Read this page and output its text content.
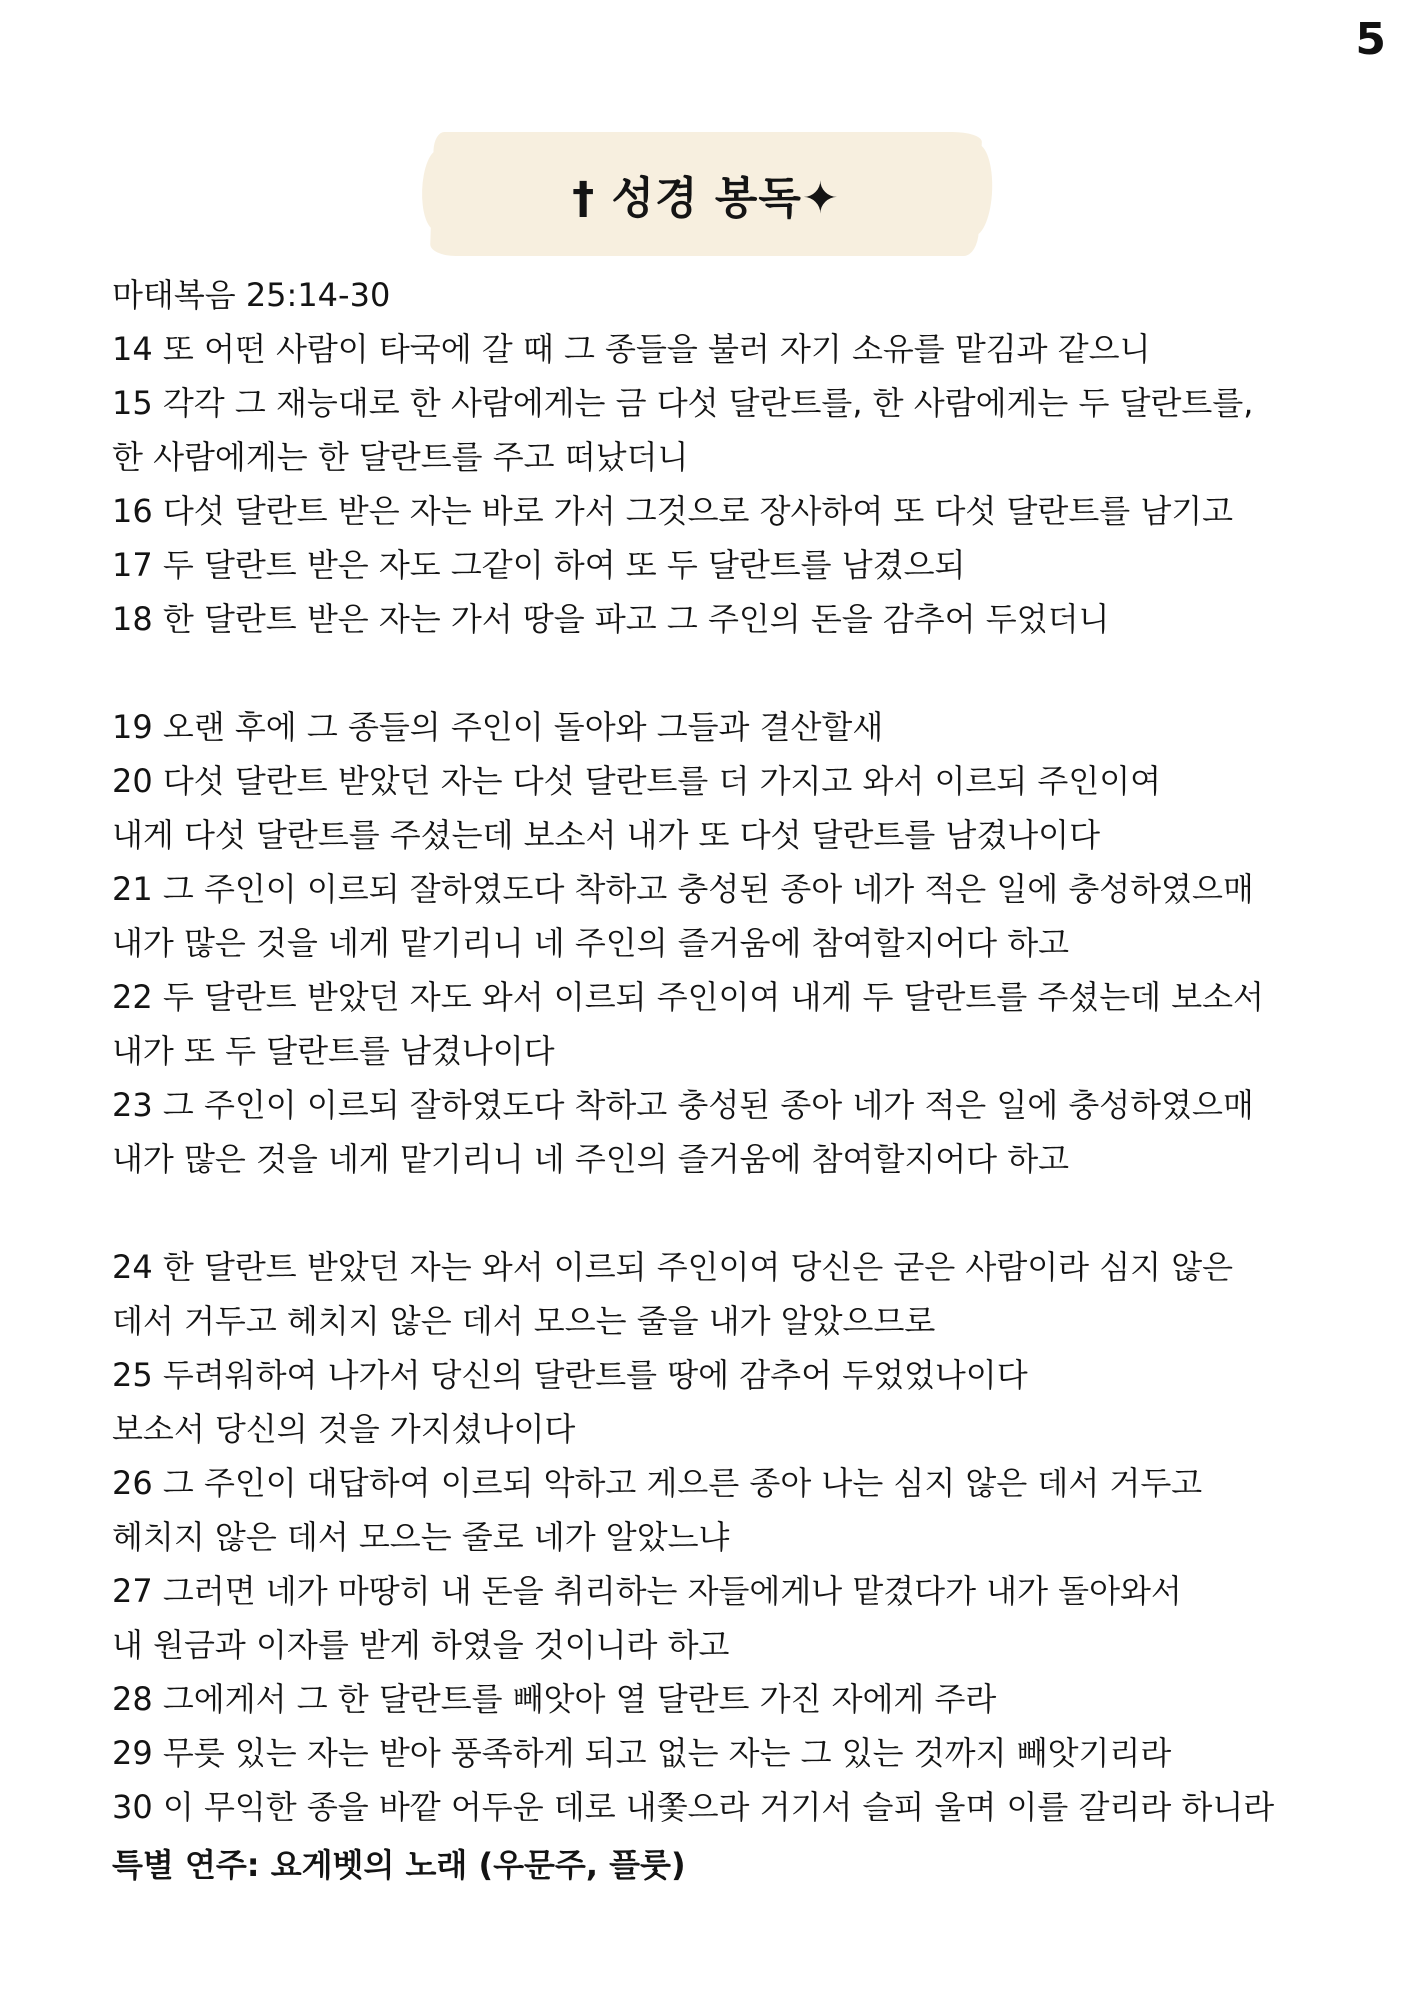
5
† 성경 봉독✦
마태복음 25:14-30
14 또 어떤 사람이 타국에 갈 때 그 종들을 불러 자기 소유를 맡김과 같으니
15 각각 그 재능대로 한 사람에게는 금 다섯 달란트를, 한 사람에게는 두 달란트를,
한 사람에게는 한 달란트를 주고 떠났더니
16 다섯 달란트 받은 자는 바로 가서 그것으로 장사하여 또 다섯 달란트를 남기고
17 두 달란트 받은 자도 그같이 하여 또 두 달란트를 남겼으되
18 한 달란트 받은 자는 가서 땅을 파고 그 주인의 돈을 감추어 두었더니
19 오랜 후에 그 종들의 주인이 돌아와 그들과 결산할새
20 다섯 달란트 받았던 자는 다섯 달란트를 더 가지고 와서 이르되 주인이여
내게 다섯 달란트를 주셨는데 보소서 내가 또 다섯 달란트를 남겼나이다
21 그 주인이 이르되 잘하였도다 착하고 충성된 종아 네가 적은 일에 충성하였으매
내가 많은 것을 네게 맡기리니 네 주인의 즐거움에 참여할지어다 하고
22 두 달란트 받았던 자도 와서 이르되 주인이여 내게 두 달란트를 주셨는데 보소서
내가 또 두 달란트를 남겼나이다
23 그 주인이 이르되 잘하였도다 착하고 충성된 종아 네가 적은 일에 충성하였으매
내가 많은 것을 네게 맡기리니 네 주인의 즐거움에 참여할지어다 하고
24 한 달란트 받았던 자는 와서 이르되 주인이여 당신은 굳은 사람이라 심지 않은
데서 거두고 헤치지 않은 데서 모으는 줄을 내가 알았으므로
25 두려워하여 나가서 당신의 달란트를 땅에 감추어 두었었나이다
보소서 당신의 것을 가지셨나이다
26 그 주인이 대답하여 이르되 악하고 게으른 종아 나는 심지 않은 데서 거두고
헤치지 않은 데서 모으는 줄로 네가 알았느냐
27 그러면 네가 마땅히 내 돈을 취리하는 자들에게나 맡겼다가 내가 돌아와서
내 원금과 이자를 받게 하였을 것이니라 하고
28 그에게서 그 한 달란트를 빼앗아 열 달란트 가진 자에게 주라
29 무릇 있는 자는 받아 풍족하게 되고 없는 자는 그 있는 것까지 빼앗기리라
30 이 무익한 종을 바깥 어두운 데로 내쫓으라 거기서 슬피 울며 이를 갈리라 하니라
특별 연주: 요게벳의 노래 (우문주, 플룻)
